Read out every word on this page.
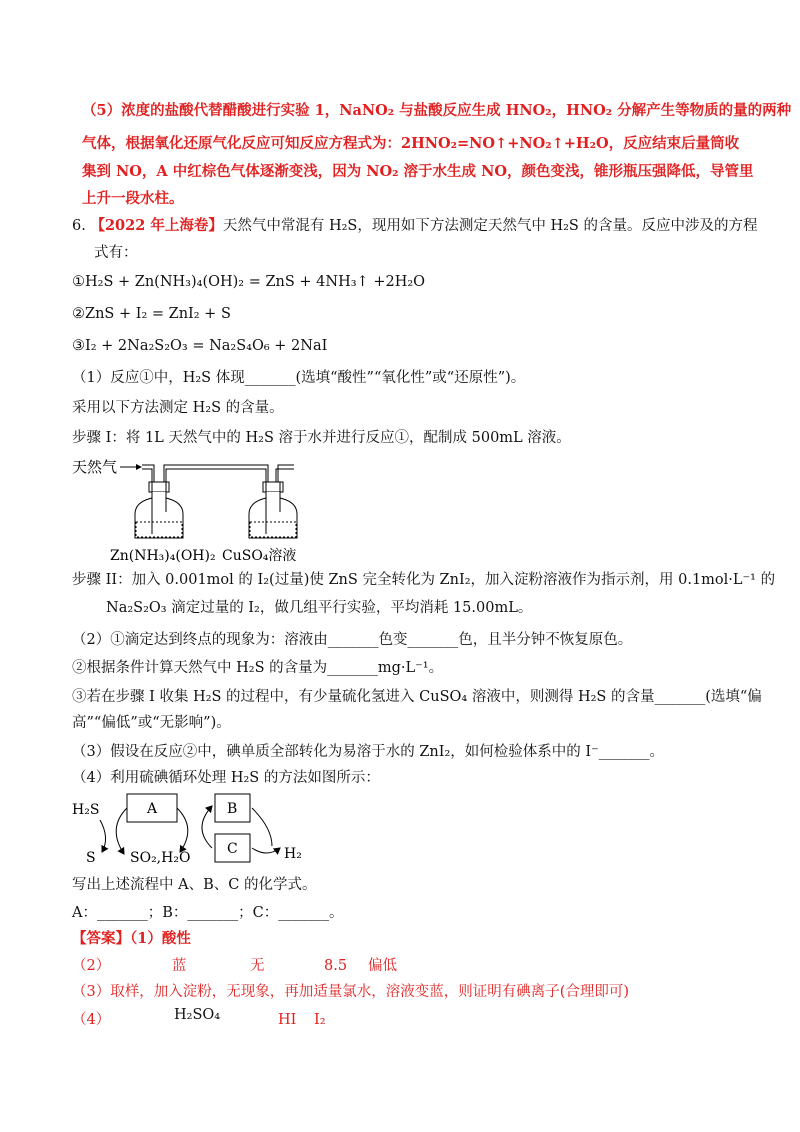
（5）浓度的盐酸代替醋酸进行实验 1，NaNO₂ 与盐酸反应生成 HNO₂，HNO₂ 分解产生等物质的量的两种
气体，根据氧化还原气化反应可知反应方程式为：2HNO₂=NO↑+NO₂↑+H₂O，反应结束后量筒收
集到 NO，A 中红棕色气体逐渐变浅，因为 NO₂ 溶于水生成 NO，颜色变浅，锥形瓶压强降低，导管里
上升一段水柱。
6. 【2022 年上海卷】天然气中常混有 H₂S，现用如下方法测定天然气中 H₂S 的含量。反应中涉及的方程
式有：
①H₂S + Zn(NH₃)₄(OH)₂ = ZnS + 4NH₃↑ +2H₂O
②ZnS + I₂ = ZnI₂ + S
③I₂ + 2Na₂S₂O₃ = Na₂S₄O₆ + 2NaI
（1）反应①中，H₂S 体现_______(选填“酸性”“氧化性”或“还原性”)。
采用以下方法测定 H₂S 的含量。
步骤 I：将 1L 天然气中的 H₂S 溶于水并进行反应①，配制成 500mL 溶液。
天然气
Zn(NH₃)₄(OH)₂ CuSO₄溶液
步骤 II：加入 0.001mol 的 I₂(过量)使 ZnS 完全转化为 ZnI₂，加入淀粉溶液作为指示剂，用 0.1mol·L⁻¹ 的
Na₂S₂O₃ 滴定过量的 I₂，做几组平行实验，平均消耗 15.00mL。
（2）①滴定达到终点的现象为：溶液由_______色变_______色，且半分钟不恢复原色。
②根据条件计算天然气中 H₂S 的含量为_______mg·L⁻¹。
③若在步骤 I 收集 H₂S 的过程中，有少量硫化氢进入 CuSO₄ 溶液中，则测得 H₂S 的含量_______(选填“偏
高”“偏低”或“无影响”)。
（3）假设在反应②中，碘单质全部转化为易溶于水的 ZnI₂，如何检验体系中的 I⁻_______。
（4）利用硫碘循环处理 H₂S 的方法如图所示：
H₂S	A	B
C
S SO₂,H₂O	H₂
写出上述流程中 A、B、C 的化学式。
A：_______；B：_______；C：_______。
【答案】（1）酸性
（2）	蓝	无	8.5 偏低
（3）取样，加入淀粉，无现象，再加适量氯水，溶液变蓝，则证明有碘离子(合理即可)
（4）	H₂SO₄	HI I₂
